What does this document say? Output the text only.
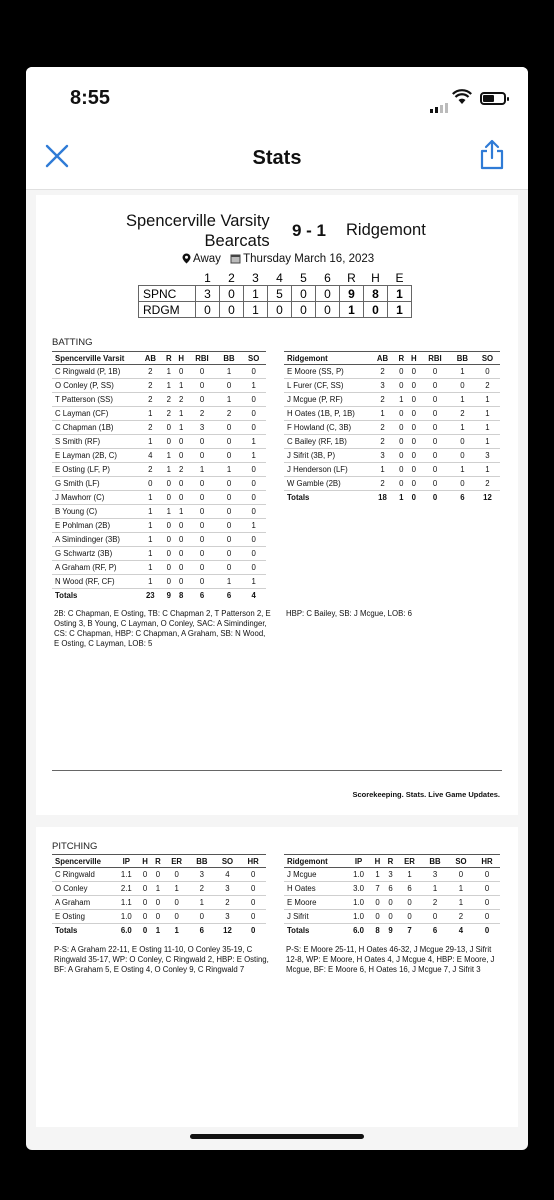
8:55
Stats
Spencerville Varsity
Bearcats
9 - 1 Ridgemont
Away Thursday March 16, 2023
	1	2	3	4	5	6	R	H	E
SPNC	3	0	1	5	0	0	9	8	1
RDGM	0	0	1	0	0	0	1	0	1
BATTING
Spencerville Varsit	AB	R	H	RBI	BB	SO
C Ringwald (P, 1B)	2	1	0	0	1	0
O Conley (P, SS)	2	1	1	0	0	1
T Patterson (SS)	2	2	2	0	1	0
C Layman (CF)	1	2	1	2	2	0
C Chapman (1B)	2	0	1	3	0	0
S Smith (RF)	1	0	0	0	0	1
E Layman (2B, C)	4	1	0	0	0	1
E Osting (LF, P)	2	1	2	1	1	0
G Smith (LF)	0	0	0	0	0	0
J Mawhorr (C)	1	0	0	0	0	0
B Young (C)	1	1	1	0	0	0
E Pohlman (2B)	1	0	0	0	0	1
A Simindinger (3B)	1	0	0	0	0	0
G Schwartz (3B)	1	0	0	0	0	0
A Graham (RF, P)	1	0	0	0	0	0
N Wood (RF, CF)	1	0	0	0	1	1
Totals	23	9	8	6	6	4
Ridgemont	AB	R	H	RBI	BB	SO
E Moore (SS, P)	2	0	0	0	1	0
L Furer (CF, SS)	3	0	0	0	0	2
J Mcgue (P, RF)	2	1	0	0	1	1
H Oates (1B, P, 1B)	1	0	0	0	2	1
F Howland (C, 3B)	2	0	0	0	1	1
C Bailey (RF, 1B)	2	0	0	0	0	1
J Sifrit (3B, P)	3	0	0	0	0	3
J Henderson (LF)	1	0	0	0	1	1
W Gamble (2B)	2	0	0	0	0	2
Totals	18	1	0	0	6	12
2B: C Chapman, E Osting, TB: C Chapman 2, T Patterson 2, E Osting 3, B Young, C Layman, O Conley, SAC: A Simindinger, CS: C Chapman, HBP: C Chapman, A Graham, SB: N Wood, E Osting, C Layman, LOB: 5
HBP: C Bailey, SB: J Mcgue, LOB: 6
Scorekeeping. Stats. Live Game Updates.
PITCHING
Spencerville	IP	H	R	ER	BB	SO	HR
C Ringwald	1.1	0	0	0	3	4	0
O Conley	2.1	0	1	1	2	3	0
A Graham	1.1	0	0	0	1	2	0
E Osting	1.0	0	0	0	0	3	0
Totals	6.0	0	1	1	6	12	0
Ridgemont	IP	H	R	ER	BB	SO	HR
J Mcgue	1.0	1	3	1	3	0	0
H Oates	3.0	7	6	6	1	1	0
E Moore	1.0	0	0	0	2	1	0
J Sifrit	1.0	0	0	0	0	2	0
Totals	6.0	8	9	7	6	4	0
P-S: A Graham 22-11, E Osting 11-10, O Conley 35-19, C Ringwald 35-17, WP: O Conley, C Ringwald 2, HBP: E Osting, BF: A Graham 5, E Osting 4, O Conley 9, C Ringwald 7
P-S: E Moore 25-11, H Oates 46-32, J Mcgue 29-13, J Sifrit 12-8, WP: E Moore, H Oates 4, J Mcgue 4, HBP: E Moore, J Mcgue, BF: E Moore 6, H Oates 16, J Mcgue 7, J Sifrit 3
